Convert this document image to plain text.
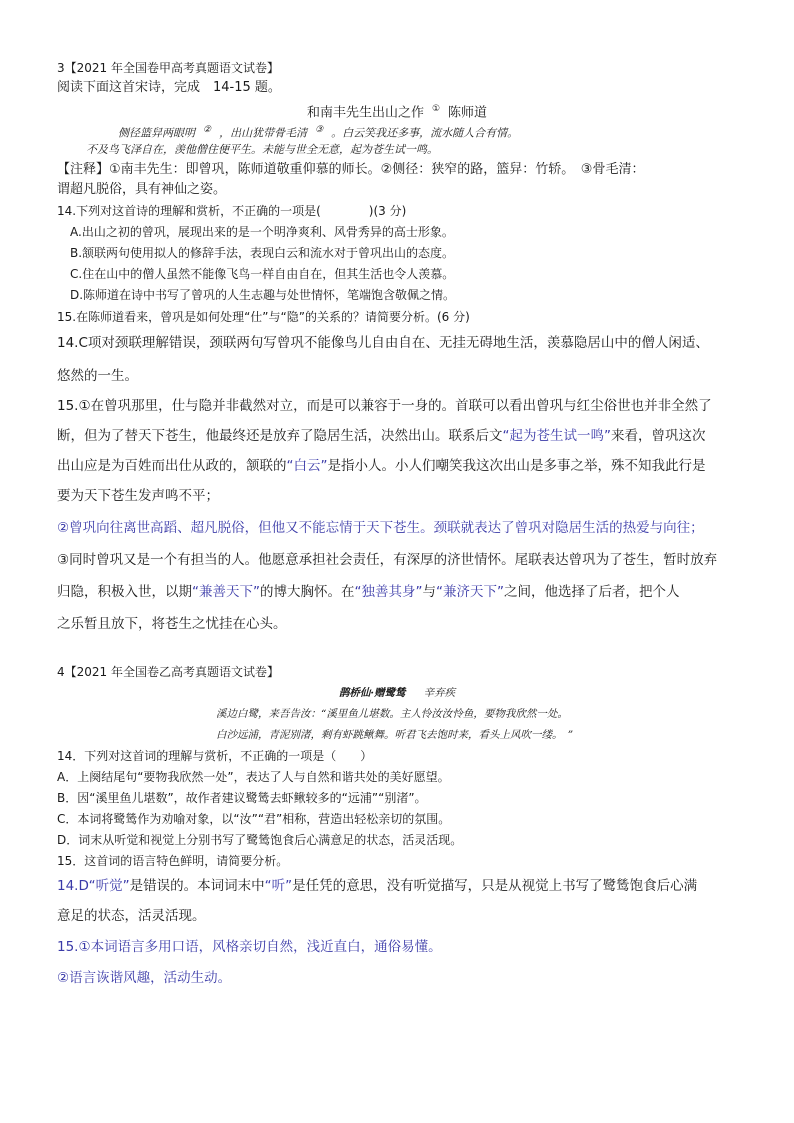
3【2021 年全国卷甲高考真题语文试卷】
阅读下面这首宋诗，完成　14-15 题。
和南丰先生出山之作 ① 陈师道
侧径篮舁两眼明 ② ，出山犹带骨毛清 ③ 。白云笑我还多事，流水随人合有情。
不及鸟飞泽自在，羡他僧住便平生。未能与世全无意，起为苍生试一鸣。
【注释】①南丰先生：即曾巩，陈师道敬重仰慕的师长。②侧径：狭窄的路，篮舁：竹轿。　③骨毛清：
谓超凡脱俗，具有神仙之姿。
14.下列对这首诗的理解和赏析，不正确的一项是(　　　　)(3 分)
A.出山之初的曾巩，展现出来的是一个明净爽利、风骨秀异的高士形象。
B.颔联两句使用拟人的修辞手法，表现白云和流水对于曾巩出山的态度。
C.住在山中的僧人虽然不能像飞鸟一样自由自在，但其生活也令人羡慕。
D.陈师道在诗中书写了曾巩的人生志趣与处世情怀，笔端饱含敬佩之情。
15.在陈师道看来，曾巩是如何处理“仕”与“隐”的关系的？请简要分析。(6 分)
14.C项对颈联理解错误，颈联两句写曾巩不能像鸟儿自由自在、无挂无碍地生活，羡慕隐居山中的僧人闲适、
悠然的一生。
15.①在曾巩那里，仕与隐并非截然对立，而是可以兼容于一身的。首联可以看出曾巩与红尘俗世也并非全然了
断，但为了替天下苍生，他最终还是放弃了隐居生活，决然出山。联系后文“起为苍生试一鸣”来看，曾巩这次
出山应是为百姓而出仕从政的，颔联的“白云”是指小人。小人们嘲笑我这次出山是多事之举，殊不知我此行是
要为天下苍生发声鸣不平；
②曾巩向往离世高蹈、超凡脱俗，但他又不能忘情于天下苍生。颈联就表达了曾巩对隐居生活的热爱与向往；
③同时曾巩又是一个有担当的人。他愿意承担社会责任，有深厚的济世情怀。尾联表达曾巩为了苍生，暂时放弃
归隐，积极入世，以期“兼善天下”的博大胸怀。在“独善其身”与“兼济天下”之间，他选择了后者，把个人
之乐暂且放下，将苍生之忧挂在心头。
4【2021 年全国卷乙高考真题语文试卷】
鹊桥仙·赠鹭鸶 辛弃疾
溪边白鹭，来吾告汝：“溪里鱼儿堪数。主人怜汝汝怜鱼，要物我欣然一处。
白沙远浦，青泥别渚，剩有虾跳鳅舞。听君飞去饱时来，看头上风吹一缕。　”
14．下列对这首词的理解与赏析，不正确的一项是（　　）
A．上阕结尾句“要物我欣然一处”，表达了人与自然和谐共处的美好愿望。
B．因“溪里鱼儿堪数”，故作者建议鹭鸶去虾鳅较多的“远浦”“别渚”。
C．本词将鹭鸶作为劝喻对象，以“汝”“君”相称，营造出轻松亲切的氛围。
D．词末从听觉和视觉上分别书写了鹭鸶饱食后心满意足的状态，活灵活现。
15．这首词的语言特色鲜明，请简要分析。
14.D“听觉”是错误的。本词词末中“听”是任凭的意思，没有听觉描写，只是从视觉上书写了鹭鸶饱食后心满
意足的状态，活灵活现。
15.①本词语言多用口语，风格亲切自然，浅近直白，通俗易懂。
②语言诙谐风趣，活动生动。
